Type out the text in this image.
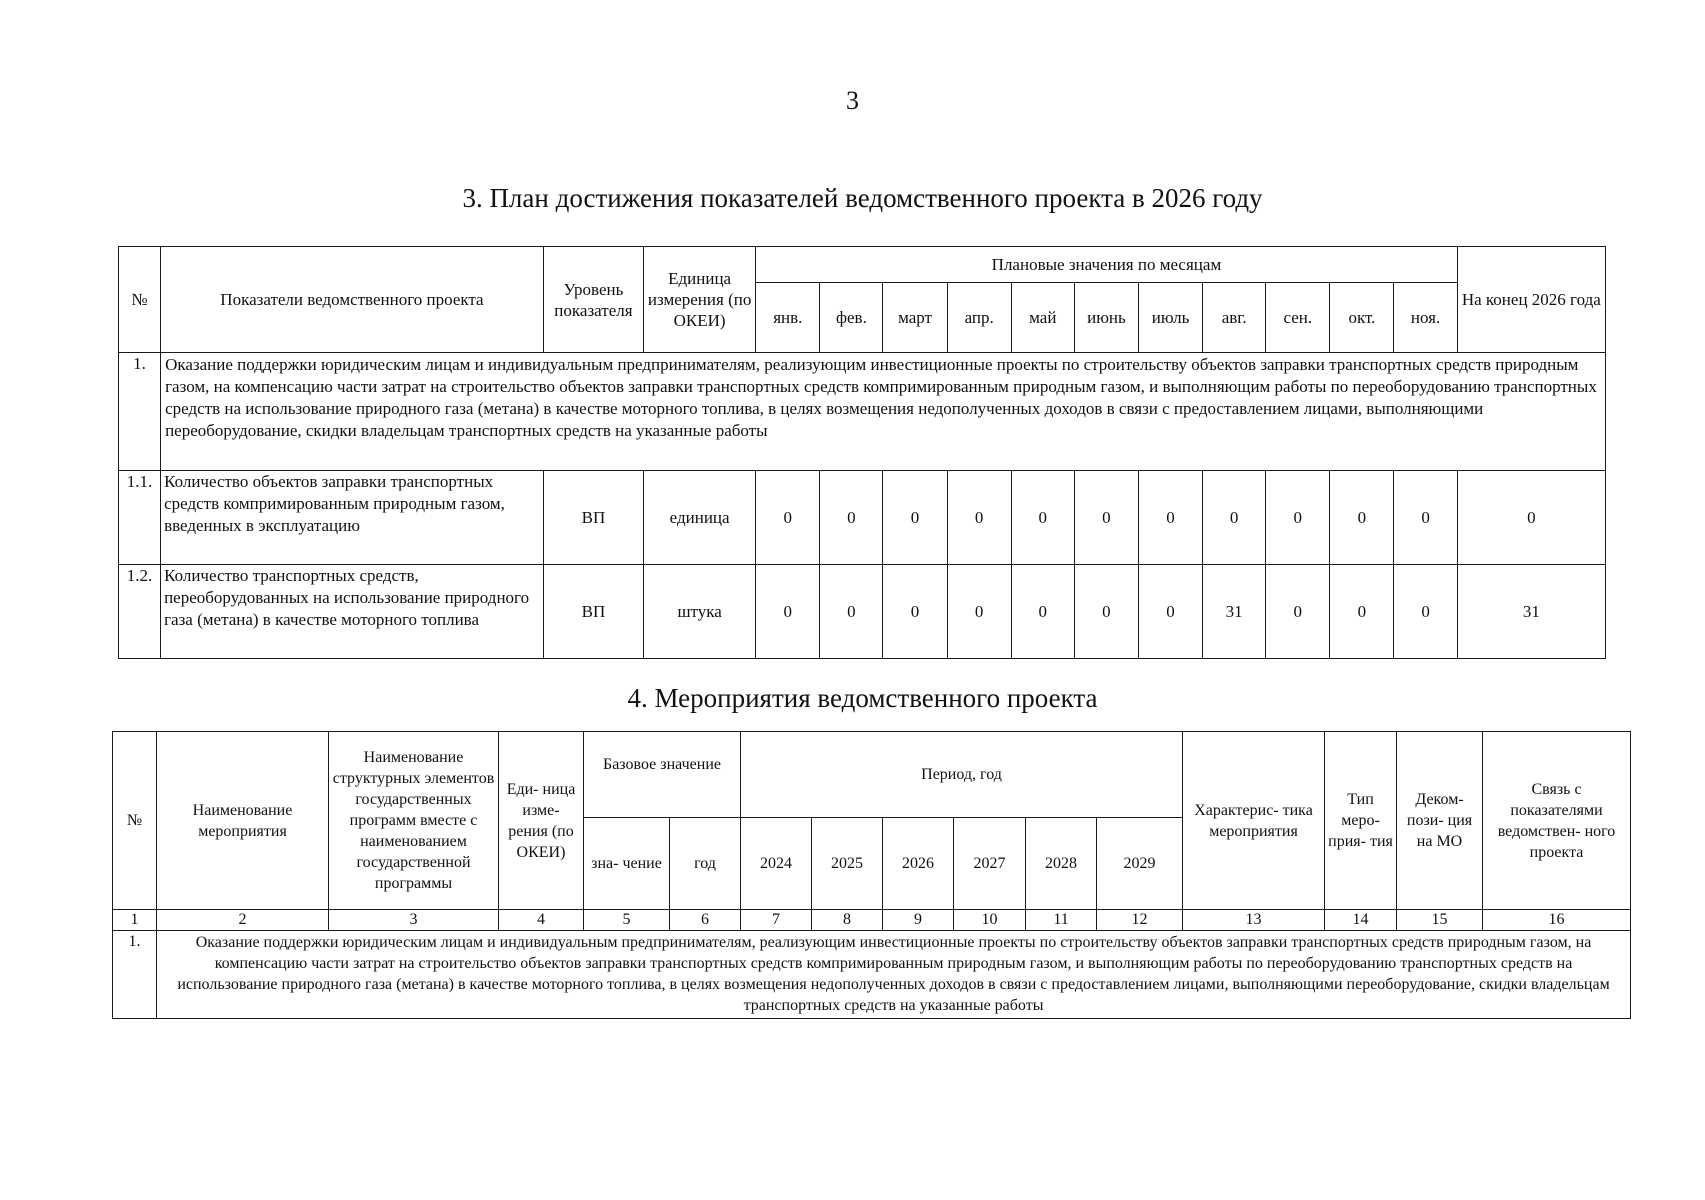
3
3. План достижения показателей ведомственного проекта в 2026 году
№	Показатели ведомственного проекта	Уровень показателя	Единица измерения (по ОКЕИ)	Плановые значения по месяцам											На конец 2026 года
				янв.	фев.	март	апр.	май	июнь	июль	авг.	сен.	окт.	ноя.	
1.	Оказание поддержки юридическим лицам и индивидуальным предпринимателям, реализующим инвестиционные проекты по строительству объектов заправки транспортных средств природным газом, на компенсацию части затрат на строительство объектов заправки транспортных средств компримированным природным газом, и выполняющим работы по переоборудованию транспортных средств на использование природного газа (метана) в качестве моторного топлива, в целях возмещения недополученных доходов в связи с предоставлением лицами, выполняющими переоборудование, скидки владельцам транспортных средств на указанные работы														
1.1.	Количество объектов заправки транспортных средств компримированным природным газом, введенных в эксплуатацию	ВП	единица	0	0	0	0	0	0	0	0	0	0	0	0
1.2.	Количество транспортных средств, переоборудованных на использование природного газа (метана) в качестве моторного топлива	ВП	штука	0	0	0	0	0	0	0	31	0	0	0	31
4. Мероприятия ведомственного проекта
№	Наименование мероприятия	Наименование структурных элементов государственных программ вместе с наименованием государственной программы	Еди- ница изме- рения (по ОКЕИ)	Базовое значение		Период, год						Характерис- тика мероприятия	Тип меро- прия- тия	Деком- пози- ция на МО	Связь с показателями ведомствен- ного проекта
				зна- чение	год	2024	2025	2026	2027	2028	2029				
1	2	3	4	5	6	7	8	9	10	11	12	13	14	15	16
1.	Оказание поддержки юридическим лицам и индивидуальным предпринимателям, реализующим инвестиционные проекты по строительству объектов заправки транспортных средств природным газом, на компенсацию части затрат на строительство объектов заправки транспортных средств компримированным природным газом, и выполняющим работы по переоборудованию транспортных средств на использование природного газа (метана) в качестве моторного топлива, в целях возмещения недополученных доходов в связи с предоставлением лицами, выполняющими переоборудование, скидки владельцам транспортных средств на указанные работы														
